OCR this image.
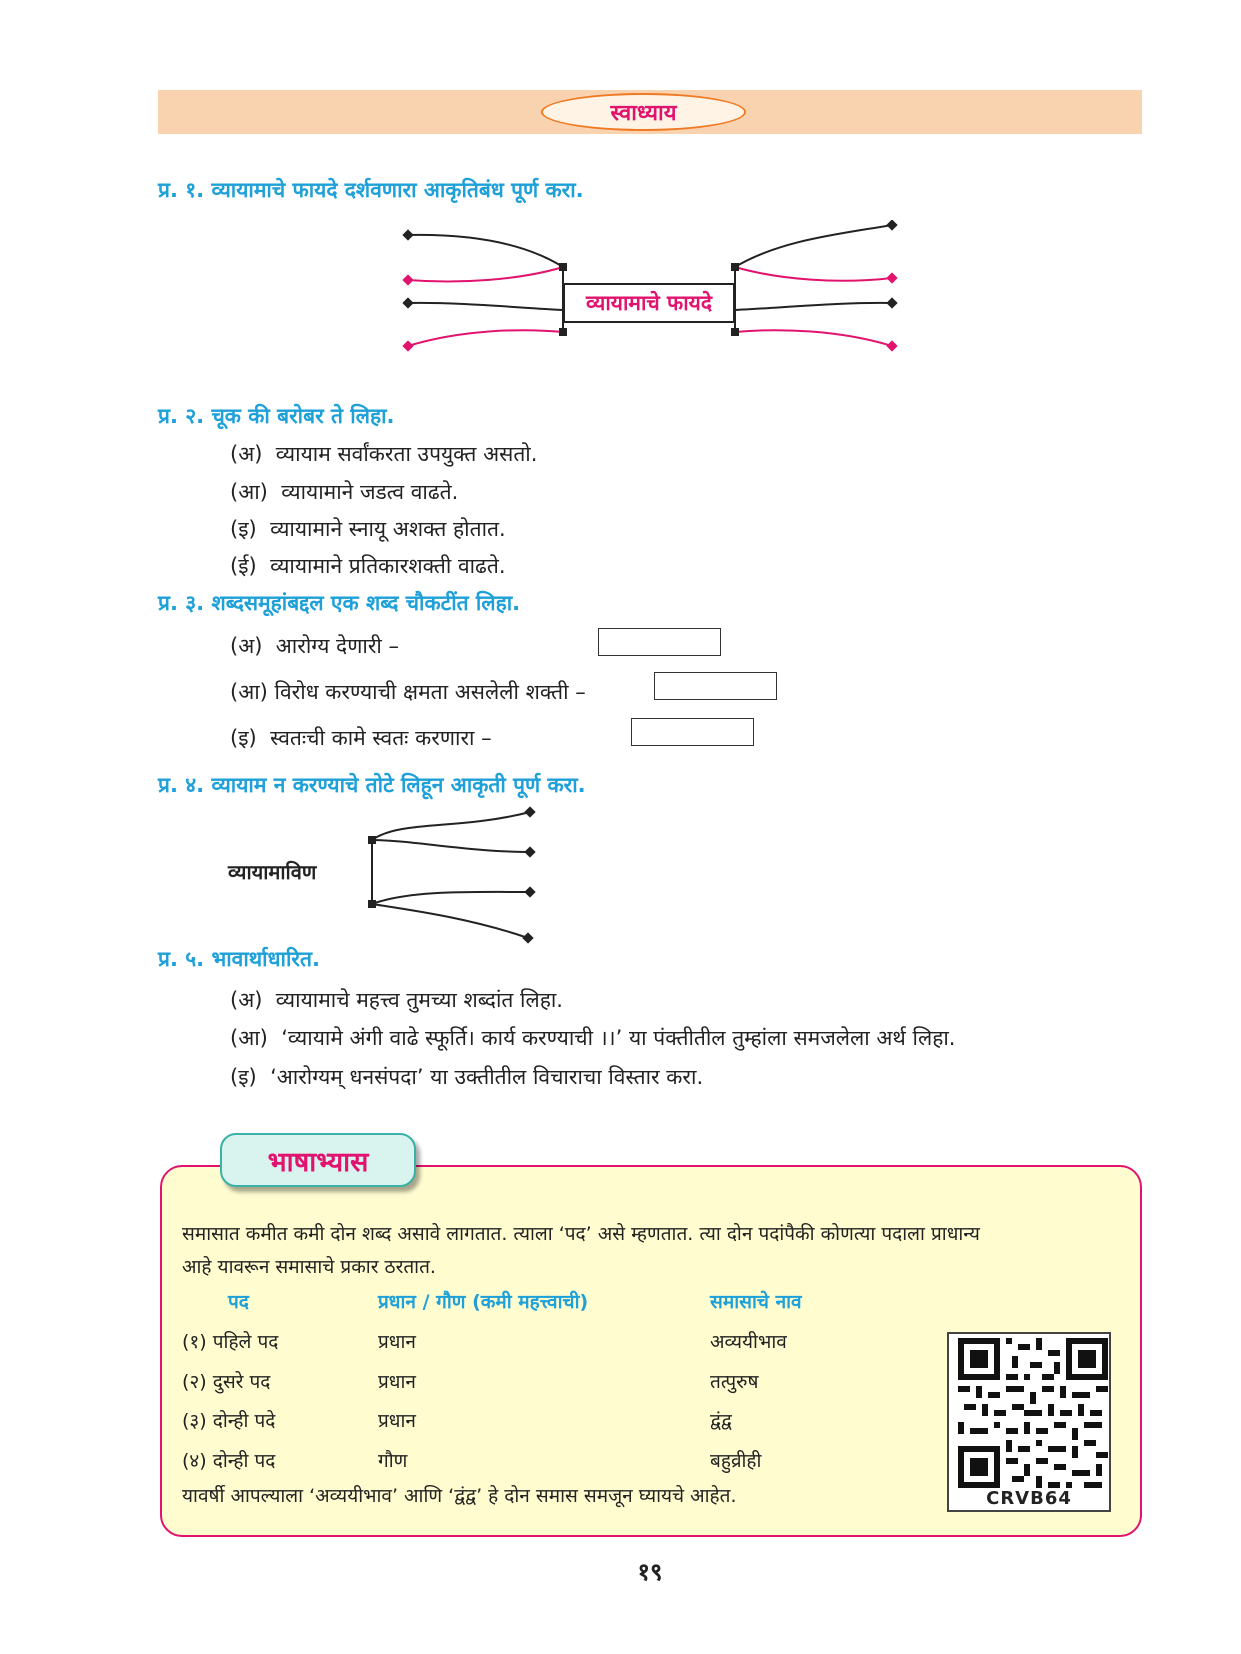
स्वाध्याय
प्र. १. व्यायामाचे फायदे दर्शवणारा आकृतिबंध पूर्ण करा.
व्यायामाचे फायदे
प्र. २. चूक की बरोबर ते लिहा.
(अ) व्यायाम सर्वांकरता उपयुक्त असतो.
(आ) व्यायामाने जडत्व वाढते.
(इ) व्यायामाने स्नायू अशक्त होतात.
(ई) व्यायामाने प्रतिकारशक्ती वाढते.
प्र. ३. शब्दसमूहांबद्दल एक शब्द चौकटींत लिहा.
(अ) आरोग्य देणारी –
(आ) विरोध करण्याची क्षमता असलेली शक्ती –
(इ) स्वतःची कामे स्वतः करणारा –
प्र. ४. व्यायाम न करण्याचे तोटे लिहून आकृती पूर्ण करा.
व्यायामाविण
प्र. ५. भावार्थाधारित.
(अ) व्यायामाचे महत्त्व तुमच्या शब्दांत लिहा.
(आ) ‘व्यायामे अंगी वाढे स्फूर्ति। कार्य करण्याची ।।’ या पंक्तीतील तुम्हांला समजलेला अर्थ लिहा.
(इ) ‘आरोग्यम् धनसंपदा’ या उक्तीतील विचाराचा विस्तार करा.
भाषाभ्यास
समासात कमीत कमी दोन शब्द असावे लागतात. त्याला ‘पद’ असे म्हणतात. त्या दोन पदांपैकी कोणत्या पदाला प्राधान्य
आहे यावरून समासाचे प्रकार ठरतात.
पद	प्रधान / गौण (कमी महत्त्वाची)	समासाचे नाव
(१) पहिले पद	प्रधान	अव्ययीभाव
(२) दुसरे पद	प्रधान	तत्पुरुष
(३) दोन्ही पदे	प्रधान	द्वंद्व
(४) दोन्ही पद	गौण	बहुव्रीही
यावर्षी आपल्याला ‘अव्ययीभाव’ आणि ‘द्वंद्व’ हे दोन समास समजून घ्यायचे आहेत.	CRVB64
१९
